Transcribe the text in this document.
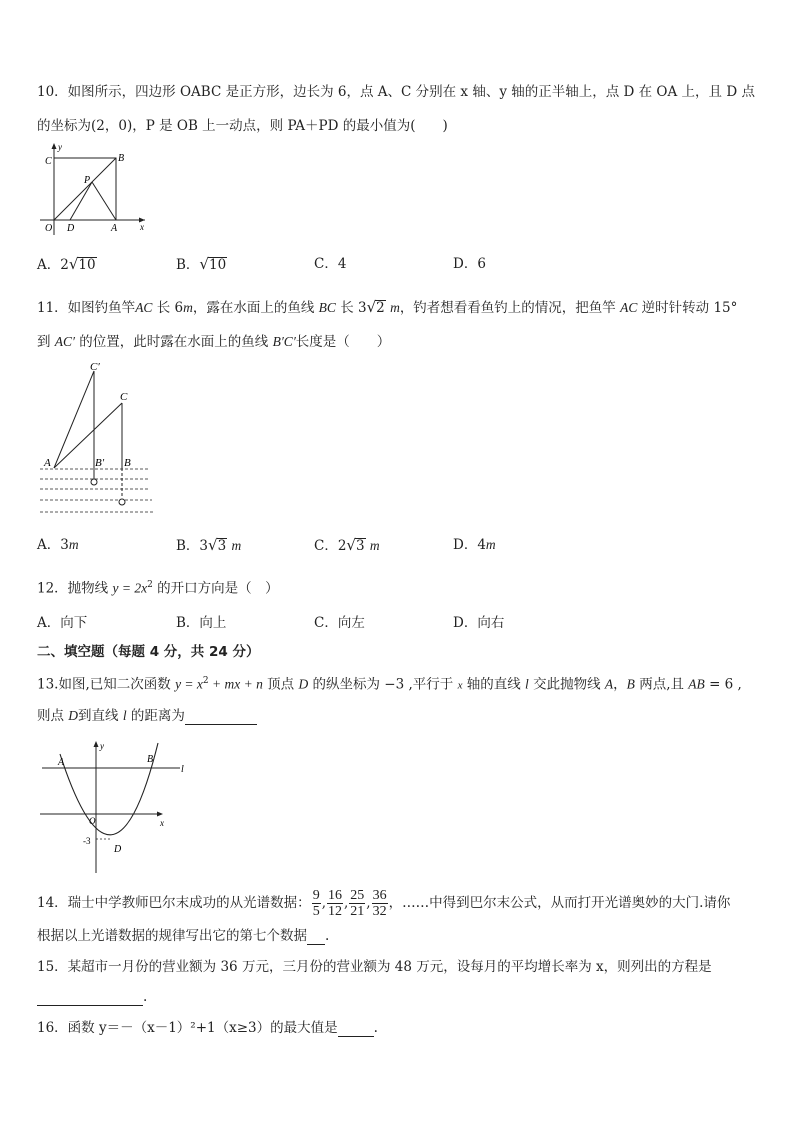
10．如图所示，四边形 OABC 是正方形，边长为 6，点 A、C 分别在 x 轴、y 轴的正半轴上，点 D 在 OA 上，且 D 点
的坐标为(2，0)，P 是 OB 上一动点，则 PA＋PD 的最小值为(　　)
C	B
y
P
O D	A	x
A．2√10	B．√10	C．4	D．6
11．如图钓鱼竿AC 长 6m，露在水面上的鱼线 BC 长 3√2 m，钓者想看看鱼钓上的情况，把鱼竿 AC 逆时针转动 15°
到 AC′ 的位置，此时露在水面上的鱼线 B′C′长度是（　　）
C′
C
A	B′ B
A．3m	B．3√3 m	C．2√3 m	D．4m
12．抛物线 $y = 2x^2$ 的开口方向是（　）
A．向下	B．向上	C．向左	D．向右
二、填空题（每题 4 分，共 24 分）
13.如图,已知二次函数 $y = x^2$ + mx + n 顶点 D 的纵坐标为 −3 ,平行于 x 轴的直线 l 交此抛物线 A，B 两点,且 AB = 6 ,
则点 D到直线 l 的距离为
y
A	B
l
O	x
-3
D
14．瑞士中学教师巴尔末成功的从光谱数据： $\frac{9}{5}$ , $\frac{16}{12}$ , $\frac{25}{21}$ , $\frac{36}{32}$ ，……中得到巴尔末公式，从而打开光谱奥妙的大门.请你
根据以上光谱数据的规律写出它的第七个数据 .
15．某超市一月份的营业额为 36 万元，三月份的营业额为 48 万元，设每月的平均增长率为 x，则列出的方程是
.
16．函数 y＝－（x－1）²+1（x≥3）的最大值是	.
